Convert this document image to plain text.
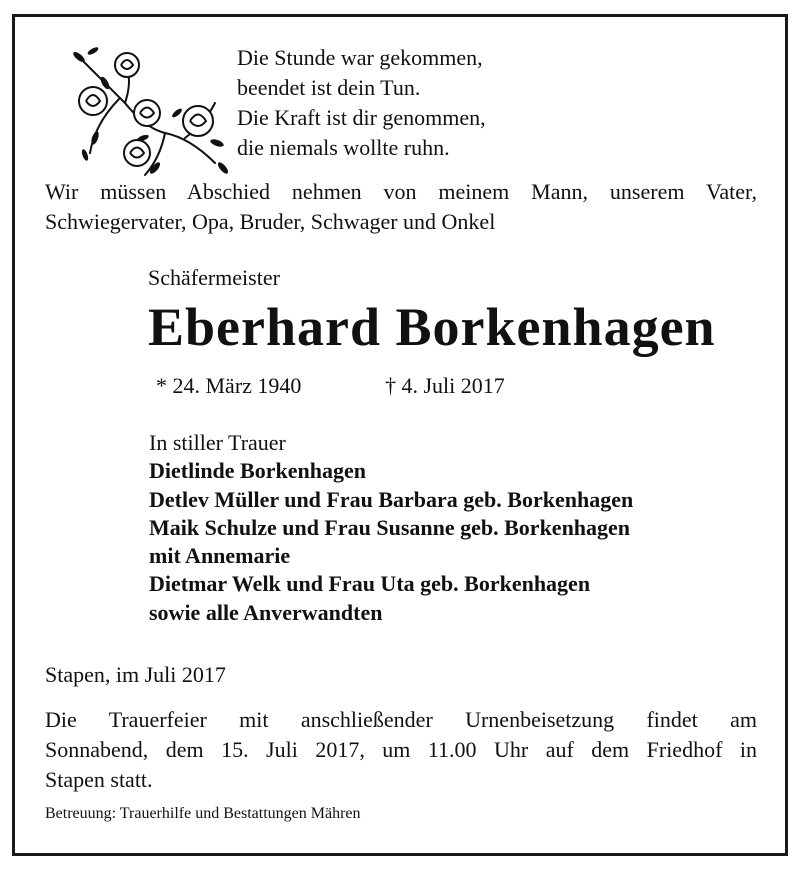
Die Stunde war gekommen,
beendet ist dein Tun.
Die Kraft ist dir genommen,
die niemals wollte ruhn.
Wir müssen Abschied nehmen von meinem Mann, unserem Vater,
Schwiegervater, Opa, Bruder, Schwager und Onkel
Schäfermeister
Eberhard Borkenhagen
* 24. März 1940	† 4. Juli 2017
In stiller Trauer
Dietlinde Borkenhagen
Detlev Müller und Frau Barbara geb. Borkenhagen
Maik Schulze und Frau Susanne geb. Borkenhagen
mit Annemarie
Dietmar Welk und Frau Uta geb. Borkenhagen
sowie alle Anverwandten
Stapen, im Juli 2017
Die Trauerfeier mit anschließender Urnenbeisetzung findet am
Sonnabend, dem 15. Juli 2017, um 11.00 Uhr auf dem Friedhof in
Stapen statt.
Betreuung: Trauerhilfe und Bestattungen Mähren
